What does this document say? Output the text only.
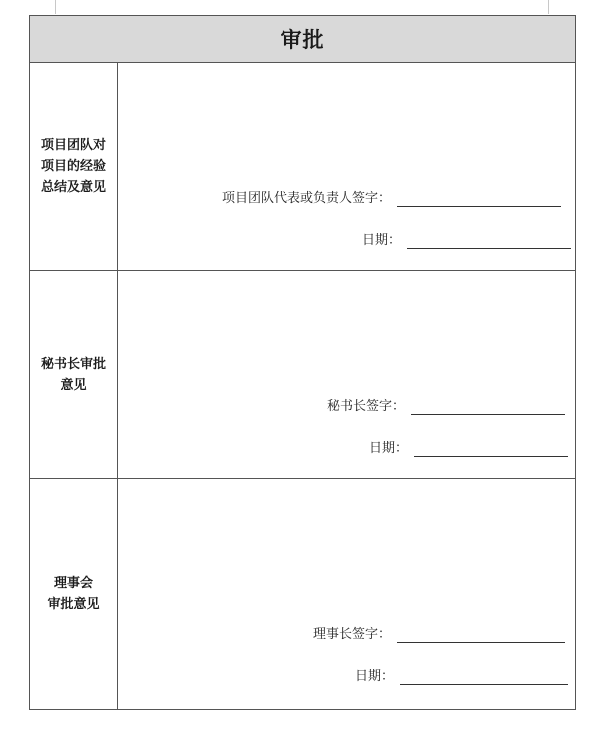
审批
项目团队对
项目的经验
总结及意见
项目团队代表或负责人签字：
日期：
秘书长审批
意见
秘书长签字：
日期：
理事会
审批意见
理事长签字：
日期：
